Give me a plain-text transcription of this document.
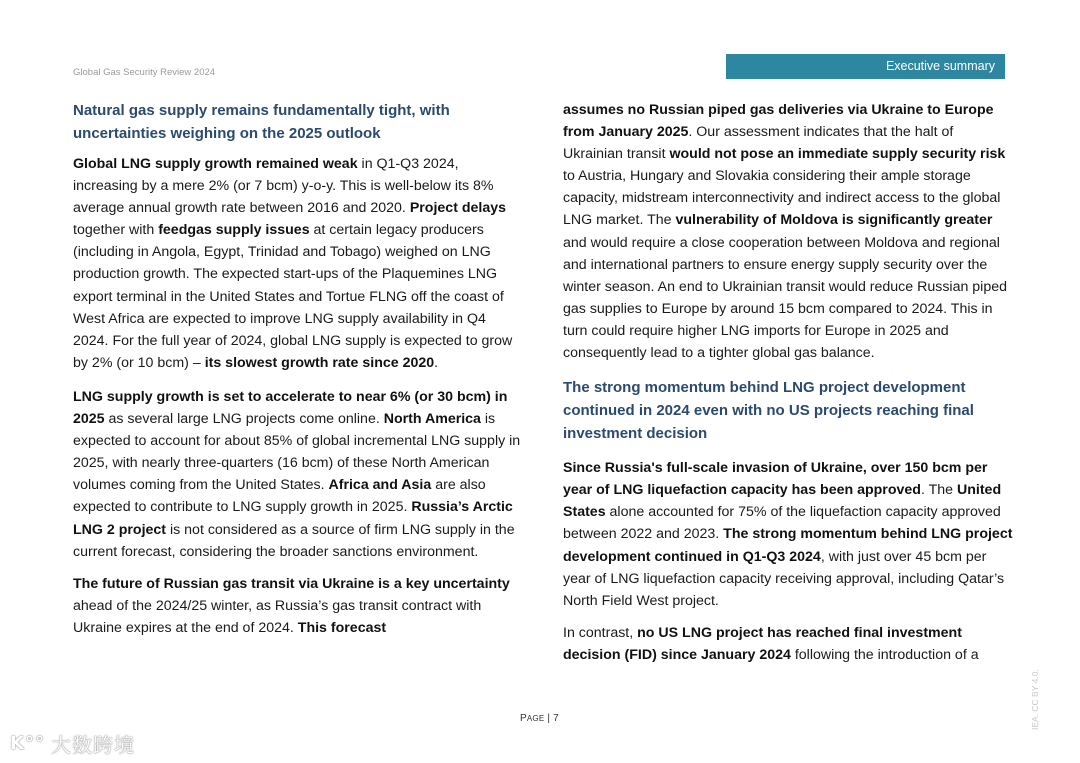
Global Gas Security Review 2024	Executive summary
Natural gas supply remains fundamentally tight, with uncertainties weighing on the 2025 outlook

Global LNG supply growth remained weak in Q1-Q3 2024, increasing by a mere 2% (or 7 bcm) y-o-y. This is well-below its 8% average annual growth rate between 2016 and 2020. Project delays together with feedgas supply issues at certain legacy producers (including in Angola, Egypt, Trinidad and Tobago) weighed on LNG production growth. The expected start-ups of the Plaquemines LNG export terminal in the United States and Tortue FLNG off the coast of West Africa are expected to improve LNG supply availability in Q4 2024. For the full year of 2024, global LNG supply is expected to grow by 2% (or 10 bcm) – its slowest growth rate since 2020.

LNG supply growth is set to accelerate to near 6% (or 30 bcm) in 2025 as several large LNG projects come online. North America is expected to account for about 85% of global incremental LNG supply in 2025, with nearly three-quarters (16 bcm) of these North American volumes coming from the United States. Africa and Asia are also expected to contribute to LNG supply growth in 2025. Russia’s Arctic LNG 2 project is not considered as a source of firm LNG supply in the current forecast, considering the broader sanctions environment.

The future of Russian gas transit via Ukraine is a key uncertainty ahead of the 2024/25 winter, as Russia’s gas transit contract with Ukraine expires at the end of 2024. This forecast

assumes no Russian piped gas deliveries via Ukraine to Europe from January 2025. Our assessment indicates that the halt of Ukrainian transit would not pose an immediate supply security risk to Austria, Hungary and Slovakia considering their ample storage capacity, midstream interconnectivity and indirect access to the global LNG market. The vulnerability of Moldova is significantly greater and would require a close cooperation between Moldova and regional and international partners to ensure energy supply security over the winter season. An end to Ukrainian transit would reduce Russian piped gas supplies to Europe by around 15 bcm compared to 2024. This in turn could require higher LNG imports for Europe in 2025 and consequently lead to a tighter global gas balance.

The strong momentum behind LNG project development continued in 2024 even with no US projects reaching final investment decision

Since Russia's full-scale invasion of Ukraine, over 150 bcm per year of LNG liquefaction capacity has been approved. The United States alone accounted for 75% of the liquefaction capacity approved between 2022 and 2023. The strong momentum behind LNG project development continued in Q1-Q3 2024, with just over 45 bcm per year of LNG liquefaction capacity receiving approval, including Qatar’s North Field West project.

In contrast, no US LNG project has reached final investment decision (FID) since January 2024 following the introduction of a

PAGE | 7	IEA. CC BY 4.0.
K°° 大数跨境
